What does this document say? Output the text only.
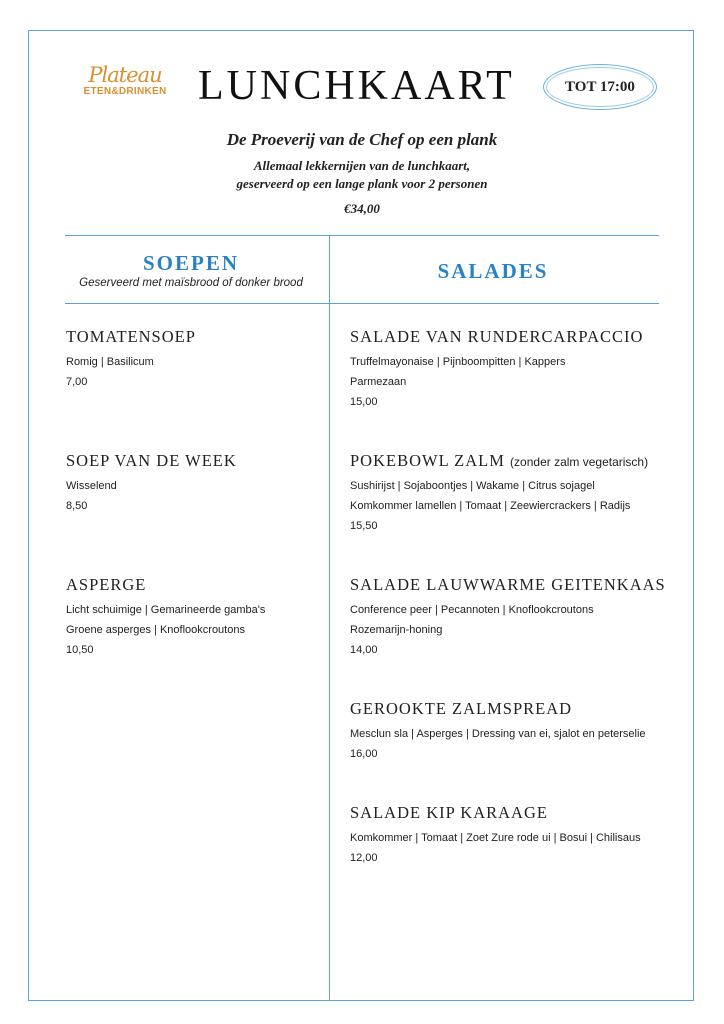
Plateau
ETEN&DRINKEN LUNCHKAART	TOT 17:00
De Proeverij van de Chef op een plank
Allemaal lekkernijen van de lunchkaart,
geserveerd op een lange plank voor 2 personen
€34,00
SOEPEN
Geserveerd met maïsbrood of donker brood	SALADES
TOMATENSOEP
Romig | Basilicum
7,00
SOEP VAN DE WEEK
Wisselend
8,50
ASPERGE
Licht schuimige | Gemarineerde gamba's
Groene asperges | Knoflookcroutons
10,50
SALADE VAN RUNDERCARPACCIO
Truffelmayonaise | Pijnboompitten | Kappers
Parmezaan
15,00
POKEBOWL ZALM (zonder zalm vegetarisch)
Sushirijst | Sojaboontjes | Wakame | Citrus sojagel
Komkommer lamellen | Tomaat | Zeewiercrackers | Radijs
15,50
SALADE LAUWWARME GEITENKAAS
Conference peer | Pecannoten | Knoflookcroutons
Rozemarijn-honing
14,00
GEROOKTE ZALMSPREAD
Mesclun sla | Asperges | Dressing van ei, sjalot en peterselie
16,00
SALADE KIP KARAAGE
Komkommer | Tomaat | Zoet Zure rode ui | Bosui | Chilisaus
12,00
